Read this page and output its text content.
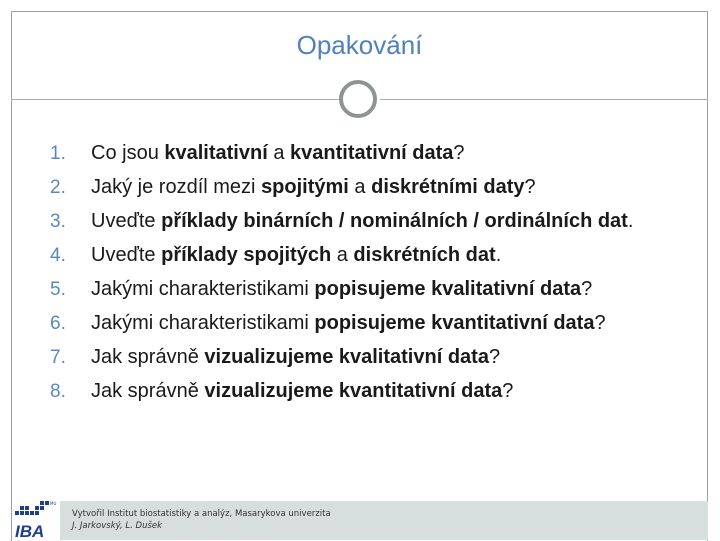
Opakování
1. Co jsou kvalitativní a kvantitativní data?
2. Jaký je rozdíl mezi spojitými a diskrétními daty?
3. Uveďte příklady binárních / nominálních / ordinálních dat.
4. Uveďte příklady spojitých a diskrétních dat.
5. Jakými charakteristikami popisujeme kvalitativní data?
6. Jakými charakteristikami popisujeme kvantitativní data?
7. Jak správně vizualizujeme kvalitativní data?
8. Jak správně vizualizujeme kvantitativní data?
Vytvořil Institut biostatistiky a analýz, Masarykova univerzita
J. Jarkovský, L. Dušek
MU
IBA
